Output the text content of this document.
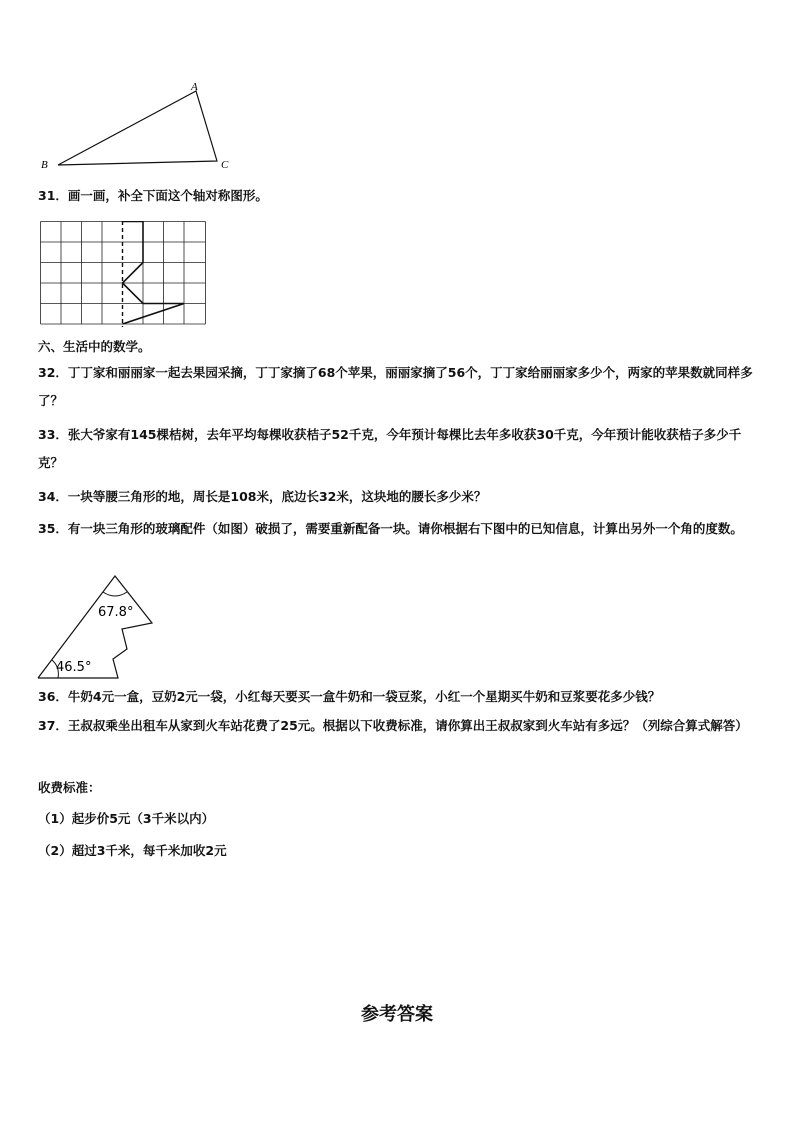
A
B	C

31．画一画，补全下面这个轴对称图形。

六、生活中的数学。

32．丁丁家和丽丽家一起去果园采摘，丁丁家摘了68个苹果，丽丽家摘了56个，丁丁家给丽丽家多少个，两家的苹果数就同样多了？

33．张大爷家有145棵桔树，去年平均每棵收获桔子52千克，今年预计每棵比去年多收获30千克，今年预计能收获桔子多少千克？

34．一块等腰三角形的地，周长是108米，底边长32米，这块地的腰长多少米？

35．有一块三角形的玻璃配件（如图）破损了，需要重新配备一块。请你根据右下图中的已知信息，计算出另外一个角的度数。

67.8°
46.5°

36．牛奶4元一盒，豆奶2元一袋，小红每天要买一盒牛奶和一袋豆浆，小红一个星期买牛奶和豆浆要花多少钱？

37．王叔叔乘坐出租车从家到火车站花费了25元。根据以下收费标准，请你算出王叔叔家到火车站有多远？（列综合算式解答）

收费标准：

（1）起步价5元（3千米以内）

（2）超过3千米，每千米加收2元

参考答案
